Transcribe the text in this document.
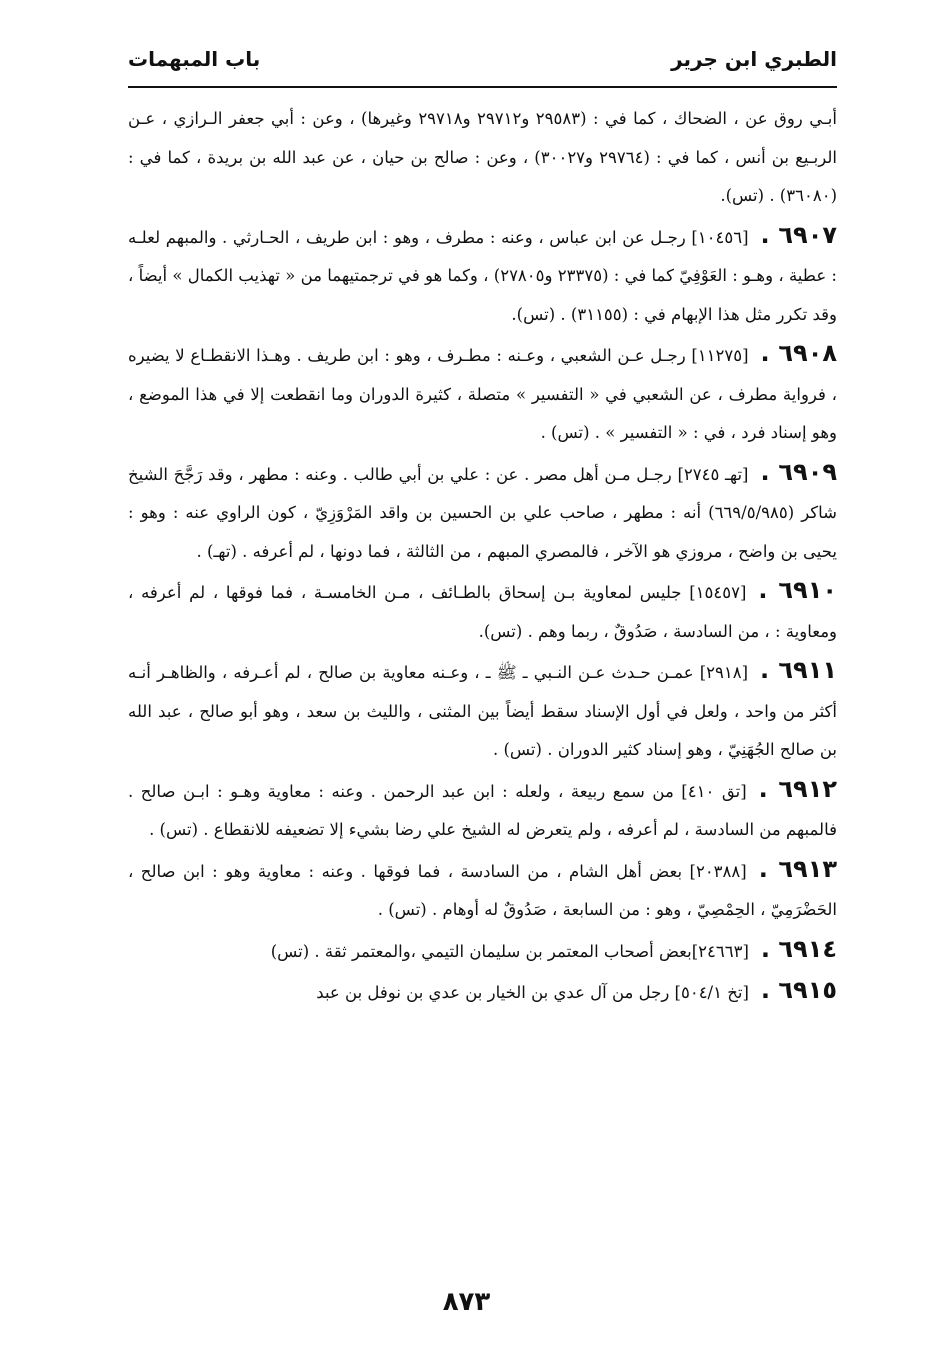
الطبري ابن جرير
باب المبهمات

أبـي روق عن ، الضحاك ، كما في : (٢٩٥٨٣ و٢٩٧١٢ و٢٩٧١٨ وغيرها) ، وعن : أبي جعفر الـرازي ، عـن الربـيع بن أنس ، كما في : (٢٩٧٦٤ و٣٠٠٢٧) ، وعن : صالح بن حيان ، عن عبد الله بن بريدة ، كما في : (٣٦٠٨٠) . (تس).

٦٩٠٧ .[١٠٤٥٦] رجـل عن ابن عباس ، وعنه : مطرف ، وهو : ابن طريف ، الحـارثي . والمبهم لعلـه : عطية ، وهـو : العَوْفِيّ كما في : (٢٣٣٧٥ و٢٧٨٠٥) ، وكما هو في ترجمتيهما من « تهذيب الكمال » أيضاً ، وقد تكرر مثل هذا الإبهام في : (٣١١٥٥) . (تس).

٦٩٠٨ .[١١٢٧٥] رجـل عـن الشعبي ، وعـنه : مطـرف ، وهو : ابن طريف . وهـذا الانقطـاع لا يضيره ، فرواية مطرف ، عن الشعبي في « التفسير » متصلة ، كثيرة الدوران وما انقطعت إلا في هذا الموضع ، وهو إسناد فرد ، في : « التفسير » . (تس) .

٦٩٠٩ .[تهـ ٢٧٤٥] رجـل مـن أهل مصر . عن : علي بن أبي طالب . وعنه : مطهر ، وقد رَجَّحَ الشيخ شاكر (٦٦٩/٥/٩٨٥) أنه : مطهر ، صاحب علي بن الحسين بن واقد المَرْوَزِيّ ، كون الراوي عنه : وهو : يحيى بن واضح ، مروزي هو الآخر ، فالمصري المبهم ، من الثالثة ، فما دونها ، لم أعرفه . (تهـ) .

٦٩١٠ .[١٥٤٥٧] جليس لمعاوية بـن إسحاق بالطـائف ، مـن الخامسـة ، فما فوقها ، لم أعرفه ، ومعاوية : ، من السادسة ، صَدُوقٌ ، ربما وهم . (تس).

٦٩١١ .[٢٩١٨] عمـن حـدث عـن النـبي ـ ﷺ ـ ، وعـنه معاوية بن صالح ، لم أعـرفه ، والظاهـر أنـه أكثر من واحد ، ولعل في أول الإسناد سقط أيضاً بين المثنى ، والليث بن سعد ، وهو أبو صالح ، عبد الله بن صالح الجُهَنِيّ ، وهو إسناد كثير الدوران . (تس) .

٦٩١٢ .[تق ٤١٠] من سمع ربيعة ، ولعله : ابن عبد الرحمن . وعنه : معاوية وهـو : ابـن صالح . فالمبهم من السادسة ، لم أعرفه ، ولم يتعرض له الشيخ علي رضا بشيء إلا تضعيفه للانقطاع . (تس) .

٦٩١٣ .[٢٠٣٨٨] بعض أهل الشام ، من السادسة ، فما فوقها . وعنه : معاوية وهو : ابن صالح ، الحَضْرَمِيّ ، الحِمْصِيّ ، وهو : من السابعة ، صَدُوقٌ له أوهام . (تس) .

٦٩١٤ .[٢٤٦٦٣]بعض أصحاب المعتمر بن سليمان التيمي ،والمعتمر ثقة . (تس)

٦٩١٥ .[تخ ٥٠٤/١] رجل من آل عدي بن الخيار بن عدي بن نوفل بن عبد

٨٧٣
